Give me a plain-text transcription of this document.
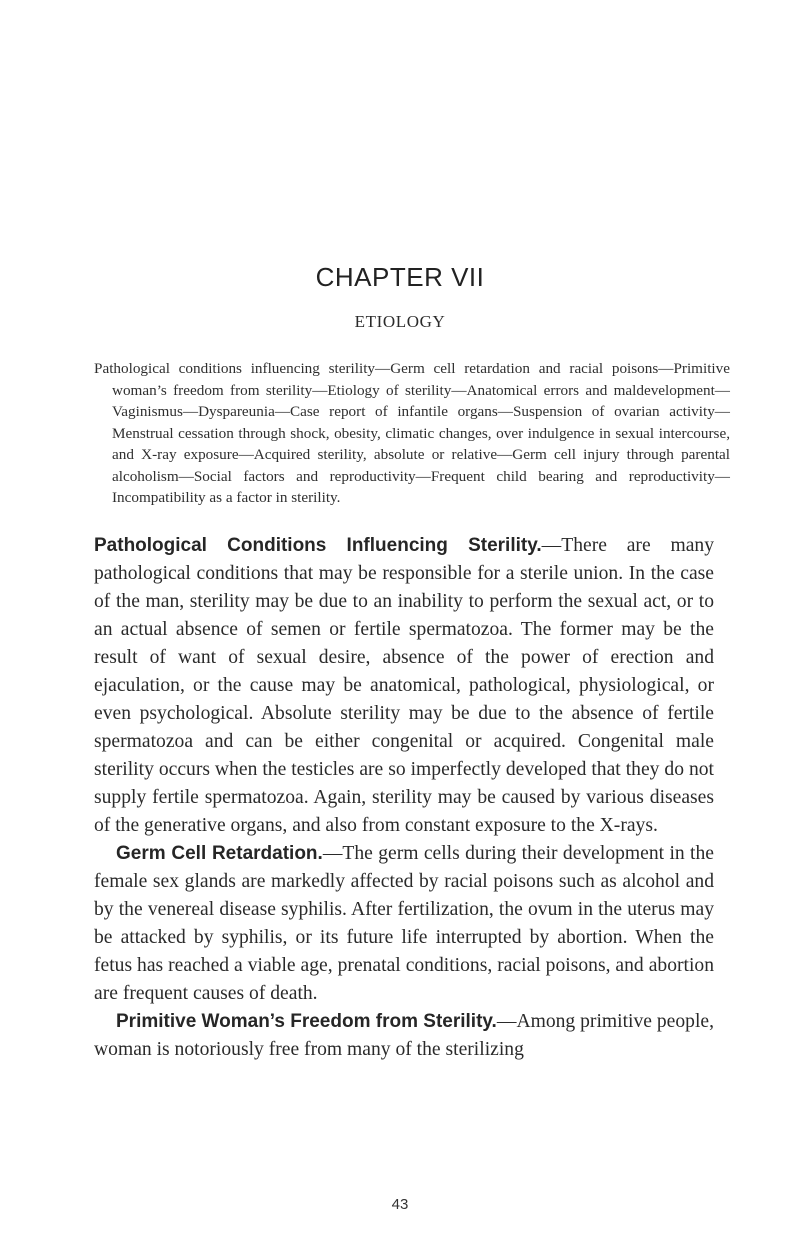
CHAPTER VII
ETIOLOGY
Pathological conditions influencing sterility—Germ cell retardation and racial poisons—Primitive woman’s freedom from sterility—Etiology of sterility—Anatomical errors and maldevelopment—Vaginismus—Dyspareunia—Case report of infantile organs—Suspension of ovarian activity—Menstrual cessation through shock, obesity, climatic changes, over indulgence in sexual intercourse, and X-ray exposure—Acquired sterility, absolute or relative—Germ cell injury through parental alcoholism—Social factors and reproductivity—Frequent child bearing and reproductivity—Incompatibility as a factor in sterility.

Pathological Conditions Influencing Sterility.—There are many pathological conditions that may be responsible for a sterile union. In the case of the man, sterility may be due to an inability to perform the sexual act, or to an actual absence of semen or fertile spermatozoa. The former may be the result of want of sexual desire, absence of the power of erection and ejaculation, or the cause may be anatomical, pathological, physiological, or even psychological. Absolute sterility may be due to the absence of fertile spermatozoa and can be either congenital or acquired. Congenital male sterility occurs when the testicles are so imperfectly developed that they do not supply fertile spermatozoa. Again, sterility may be caused by various diseases of the generative organs, and also from constant exposure to the X-rays.

Germ Cell Retardation.—The germ cells during their development in the female sex glands are markedly affected by racial poisons such as alcohol and by the venereal disease syphilis. After fertilization, the ovum in the uterus may be attacked by syphilis, or its future life interrupted by abortion. When the fetus has reached a viable age, prenatal conditions, racial poisons, and abortion are frequent causes of death.

Primitive Woman’s Freedom from Sterility.—Among primitive people, woman is notoriously free from many of the sterilizing

43
